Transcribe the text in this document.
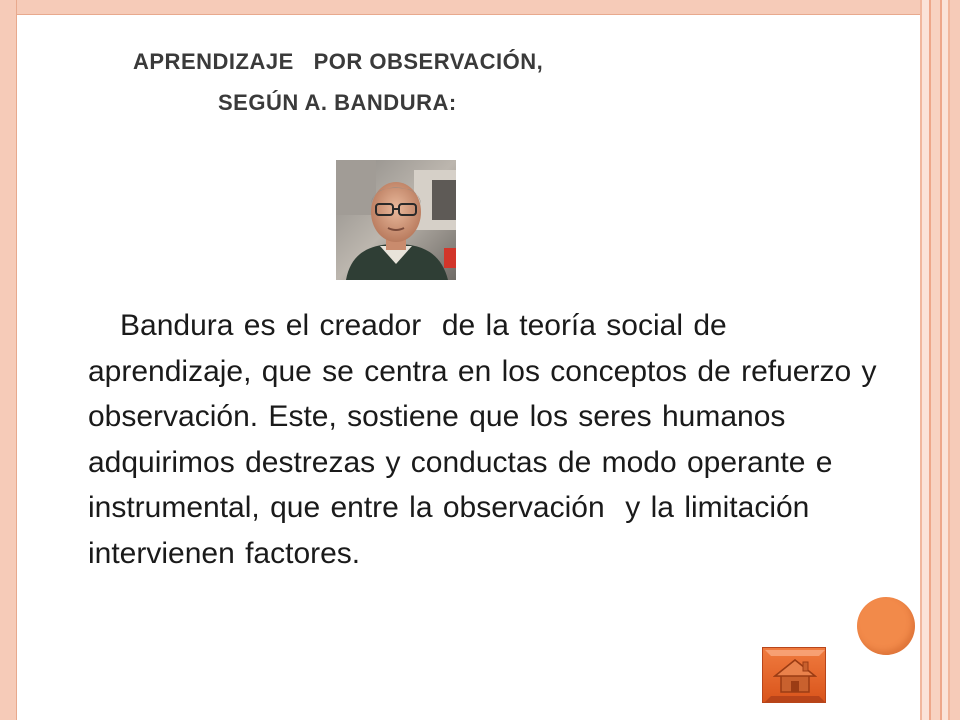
APRENDIZAJE   POR OBSERVACIÓN,
SEGÚN A. BANDURA:
Bandura es el creador  de la teoría social de aprendizaje, que se centra en los conceptos de refuerzo y observación. Este, sostiene que los seres humanos adquirimos destrezas y conductas de modo operante e instrumental, que entre la observación  y la limitación intervienen factores.
